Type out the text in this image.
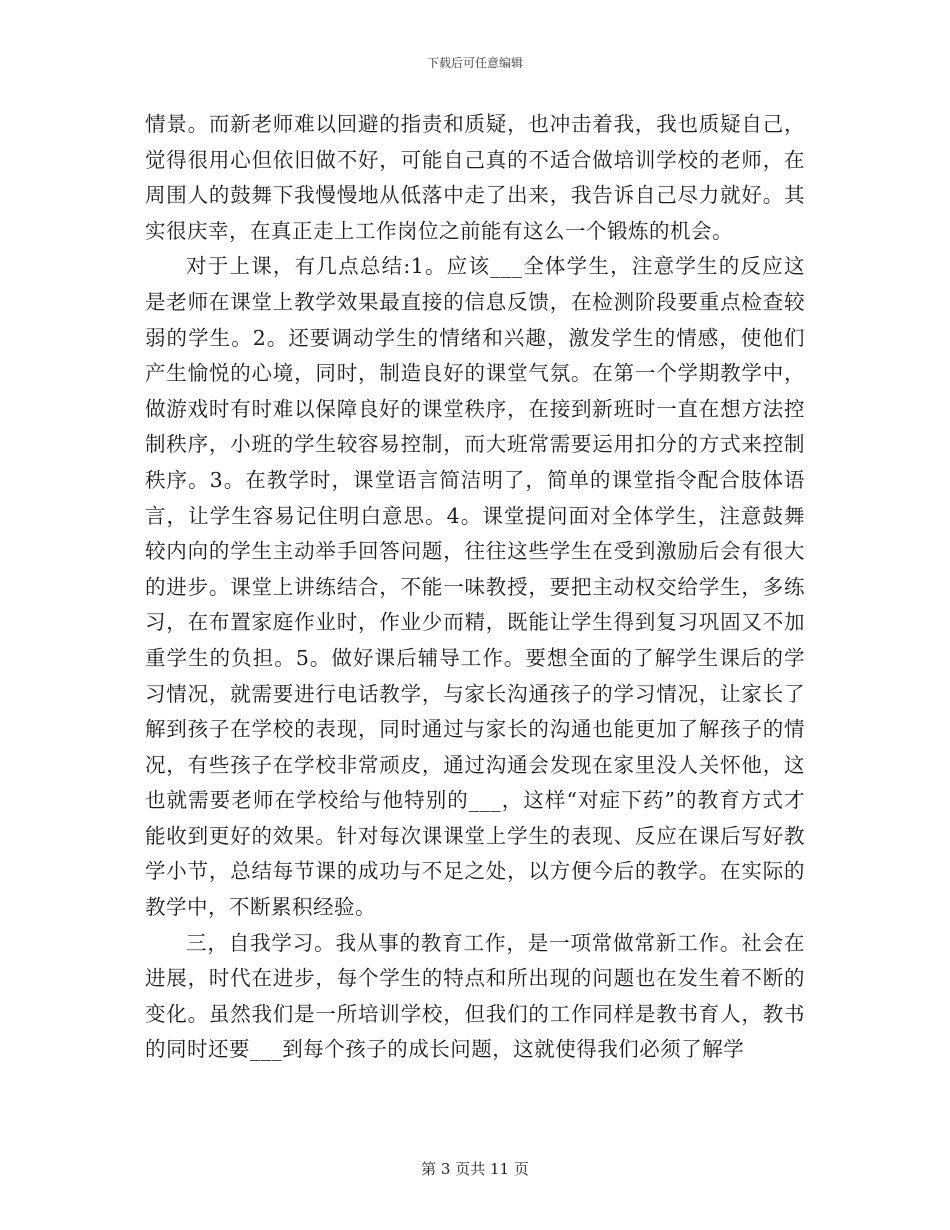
下载后可任意编辑

情景。而新老师难以回避的指责和质疑，也冲击着我，我也质疑自己，觉得很用心但依旧做不好，可能自己真的不适合做培训学校的老师，在周围人的鼓舞下我慢慢地从低落中走了出来，我告诉自己尽力就好。其实很庆幸，在真正走上工作岗位之前能有这么一个锻炼的机会。

对于上课，有几点总结:1。应该___全体学生，注意学生的反应这是老师在课堂上教学效果最直接的信息反馈，在检测阶段要重点检查较弱的学生。2。还要调动学生的情绪和兴趣，激发学生的情感，使他们产生愉悦的心境，同时，制造良好的课堂气氛。在第一个学期教学中，做游戏时有时难以保障良好的课堂秩序，在接到新班时一直在想方法控制秩序，小班的学生较容易控制，而大班常需要运用扣分的方式来控制秩序。3。在教学时，课堂语言简洁明了，简单的课堂指令配合肢体语言，让学生容易记住明白意思。4。课堂提问面对全体学生，注意鼓舞较内向的学生主动举手回答问题，往往这些学生在受到激励后会有很大的进步。课堂上讲练结合，不能一味教授，要把主动权交给学生，多练习，在布置家庭作业时，作业少而精，既能让学生得到复习巩固又不加重学生的负担。5。做好课后辅导工作。要想全面的了解学生课后的学习情况，就需要进行电话教学，与家长沟通孩子的学习情况，让家长了解到孩子在学校的表现，同时通过与家长的沟通也能更加了解孩子的情况，有些孩子在学校非常顽皮，通过沟通会发现在家里没人关怀他，这也就需要老师在学校给与他特别的___，这样“对症下药”的教育方式才能收到更好的效果。针对每次课课堂上学生的表现、反应在课后写好教学小节，总结每节课的成功与不足之处，以方便今后的教学。在实际的教学中，不断累积经验。

三，自我学习。我从事的教育工作，是一项常做常新工作。社会在进展，时代在进步，每个学生的特点和所出现的问题也在发生着不断的变化。虽然我们是一所培训学校，但我们的工作同样是教书育人，教书的同时还要___到每个孩子的成长问题，这就使得我们必须了解学

第 3 页共 11 页
